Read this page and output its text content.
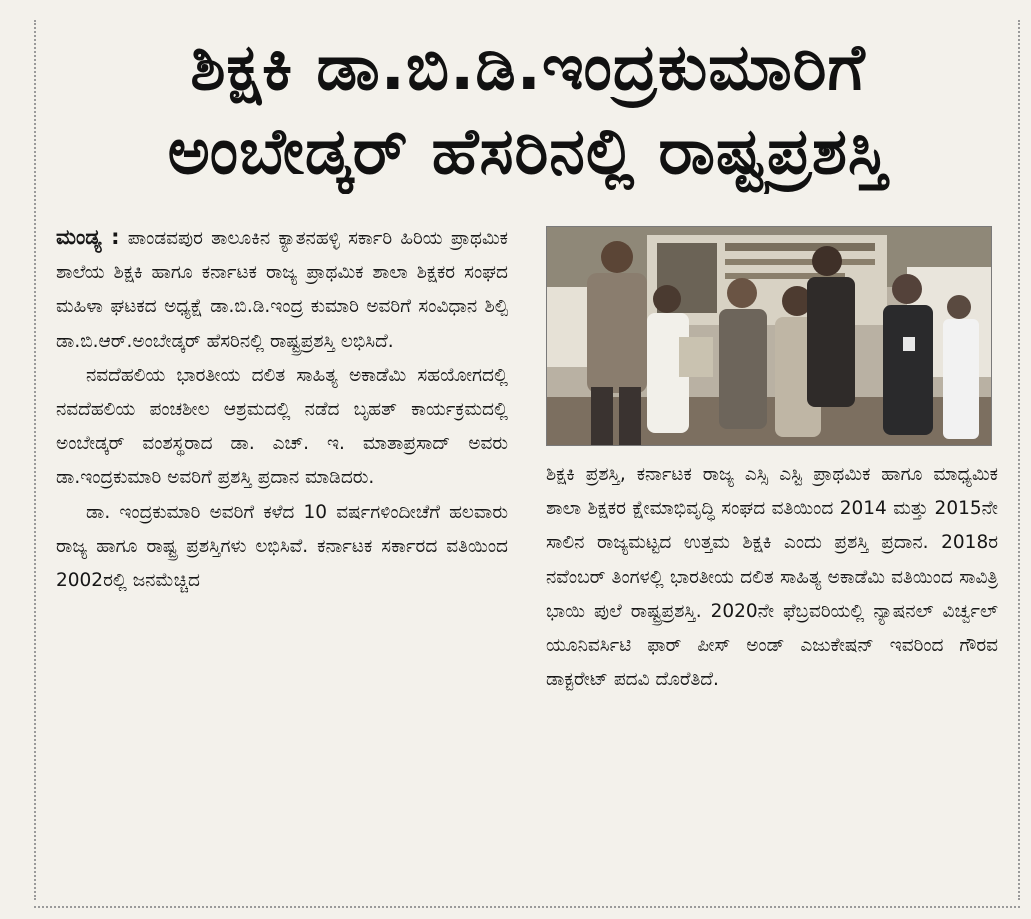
ಶಿಕ್ಷಕಿ ಡಾ.ಬಿ.ಡಿ.ಇಂದ್ರಕುಮಾರಿಗೆ
ಅಂಬೇಡ್ಕರ್ ಹೆಸರಿನಲ್ಲಿ ರಾಷ್ಟ್ರಪ್ರಶಸ್ತಿ

ಮಂಡ್ಯ : ಪಾಂಡವಪುರ ತಾಲೂಕಿನ ಕ್ಯಾತನಹಳ್ಳಿ ಸರ್ಕಾರಿ ಹಿರಿಯ ಪ್ರಾಥಮಿಕ ಶಾಲೆಯ ಶಿಕ್ಷಕಿ ಹಾಗೂ ಕರ್ನಾಟಕ ರಾಜ್ಯ ಪ್ರಾಥಮಿಕ ಶಾಲಾ ಶಿಕ್ಷಕರ ಸಂಘದ ಮಹಿಳಾ ಘಟಕದ ಅಧ್ಯಕ್ಷೆ ಡಾ.ಬಿ.ಡಿ.ಇಂದ್ರ ಕುಮಾರಿ ಅವರಿಗೆ ಸಂವಿಧಾನ ಶಿಲ್ಪಿ ಡಾ.ಬಿ.ಆರ್.ಅಂಬೇಡ್ಕರ್ ಹೆಸರಿನಲ್ಲಿ ರಾಷ್ಟ್ರಪ್ರಶಸ್ತಿ ಲಭಿಸಿದೆ.

ನವದೆಹಲಿಯ ಭಾರತೀಯ ದಲಿತ ಸಾಹಿತ್ಯ ಅಕಾಡೆಮಿ ಸಹಯೋಗದಲ್ಲಿ ನವದೆಹಲಿಯ ಪಂಚಶೀಲ ಆಶ್ರಮದಲ್ಲಿ ನಡೆದ ಬೃಹತ್ ಕಾರ್ಯಕ್ರಮದಲ್ಲಿ ಅಂಬೇಡ್ಕರ್ ವಂಶಸ್ಥರಾದ ಡಾ. ಎಚ್. ಇ. ಮಾತಾಪ್ರಸಾದ್ ಅವರು ಡಾ.ಇಂದ್ರಕುಮಾರಿ ಅವರಿಗೆ ಪ್ರಶಸ್ತಿ ಪ್ರದಾನ ಮಾಡಿದರು.

ಡಾ. ಇಂದ್ರಕುಮಾರಿ ಅವರಿಗೆ ಕಳೆದ 10 ವರ್ಷಗಳಿಂದೀಚೆಗೆ ಹಲವಾರು ರಾಜ್ಯ ಹಾಗೂ ರಾಷ್ಟ್ರ ಪ್ರಶಸ್ತಿಗಳು ಲಭಿಸಿವೆ. ಕರ್ನಾಟಕ ಸರ್ಕಾರದ ವತಿಯಿಂದ 2002ರಲ್ಲಿ ಜನಮೆಚ್ಚಿದ

ಶಿಕ್ಷಕಿ ಪ್ರಶಸ್ತಿ, ಕರ್ನಾಟಕ ರಾಜ್ಯ ಎಸ್ಸಿ ಎಸ್ಟಿ ಪ್ರಾಥಮಿಕ ಹಾಗೂ ಮಾಧ್ಯಮಿಕ ಶಾಲಾ ಶಿಕ್ಷಕರ ಕ್ಷೇಮಾಭಿವೃದ್ಧಿ ಸಂಘದ ವತಿಯಿಂದ 2014 ಮತ್ತು 2015ನೇ ಸಾಲಿನ ರಾಜ್ಯಮಟ್ಟದ ಉತ್ತಮ ಶಿಕ್ಷಕಿ ಎಂದು ಪ್ರಶಸ್ತಿ ಪ್ರದಾನ. 2018ರ ನವೆಂಬರ್ ತಿಂಗಳಲ್ಲಿ ಭಾರತೀಯ ದಲಿತ ಸಾಹಿತ್ಯ ಅಕಾಡೆಮಿ ವತಿಯಿಂದ ಸಾವಿತ್ರಿ ಭಾಯಿ ಪುಲೆ ರಾಷ್ಟ್ರಪ್ರಶಸ್ತಿ. 2020ನೇ ಫೆಬ್ರವರಿಯಲ್ಲಿ ನ್ಯಾಷನಲ್ ವಿರ್ಚ್ವಲ್ ಯೂನಿವರ್ಸಿಟಿ ಫಾರ್ ಪೀಸ್ ಅಂಡ್ ಎಜುಕೇಷನ್ ಇವರಿಂದ ಗೌರವ ಡಾಕ್ಟರೇಟ್ ಪದವಿ ದೊರೆತಿದೆ.
